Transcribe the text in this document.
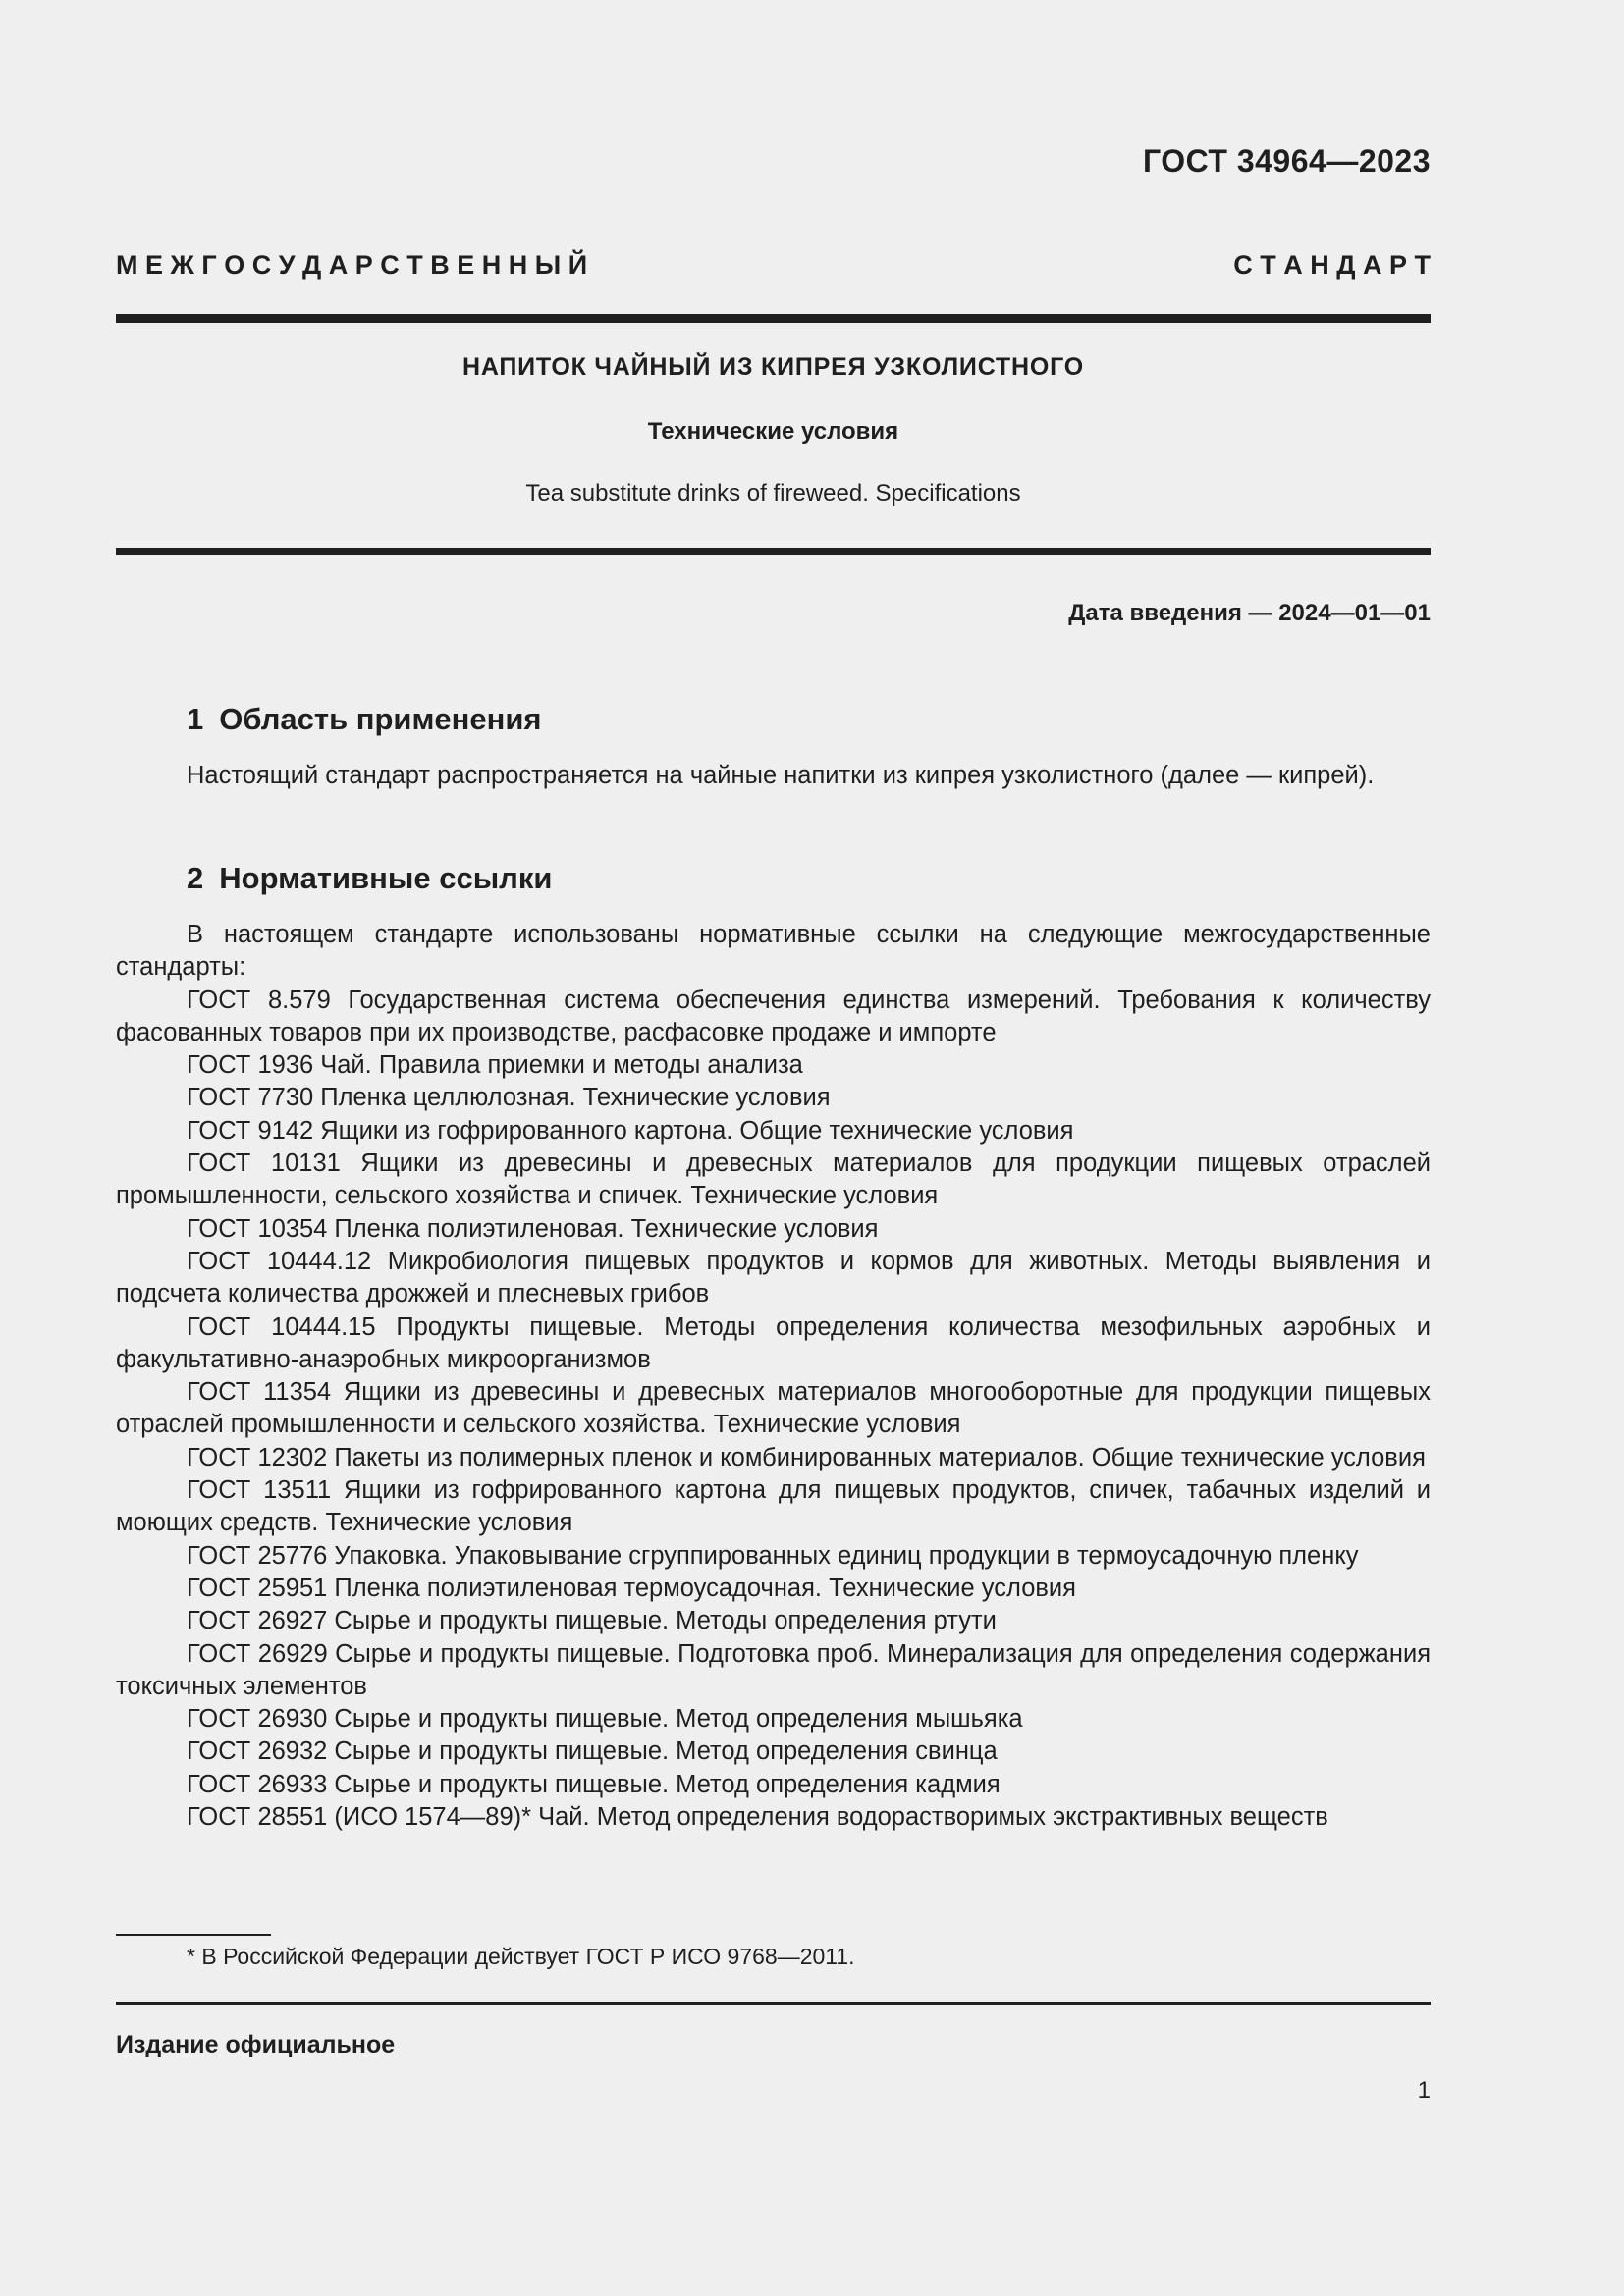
ГОСТ 34964—2023
М Е Ж Г О С У Д А Р С Т В Е Н Н Ы Й	С Т А Н Д А Р Т
НАПИТОК ЧАЙНЫЙ ИЗ КИПРЕЯ УЗКОЛИСТНОГО
Технические условия
Tea substitute drinks of fireweed. Specifications
Дата введения — 2024—01—01
1 Область применения

Настоящий стандарт распространяется на чайные напитки из кипрея узколистного (далее — кипрей).

2 Нормативные ссылки

В настоящем стандарте использованы нормативные ссылки на следующие межгосударственные стандарты:

ГОСТ 8.579 Государственная система обеспечения единства измерений. Требования к количеству фасованных товаров при их производстве, расфасовке продаже и импорте

ГОСТ 1936 Чай. Правила приемки и методы анализа

ГОСТ 7730 Пленка целлюлозная. Технические условия

ГОСТ 9142 Ящики из гофрированного картона. Общие технические условия

ГОСТ 10131 Ящики из древесины и древесных материалов для продукции пищевых отраслей промышленности, сельского хозяйства и спичек. Технические условия

ГОСТ 10354 Пленка полиэтиленовая. Технические условия

ГОСТ 10444.12 Микробиология пищевых продуктов и кормов для животных. Методы выявления и подсчета количества дрожжей и плесневых грибов

ГОСТ 10444.15 Продукты пищевые. Методы определения количества мезофильных аэробных и факультативно-анаэробных микроорганизмов

ГОСТ 11354 Ящики из древесины и древесных материалов многооборотные для продукции пищевых отраслей промышленности и сельского хозяйства. Технические условия

ГОСТ 12302 Пакеты из полимерных пленок и комбинированных материалов. Общие технические условия

ГОСТ 13511 Ящики из гофрированного картона для пищевых продуктов, спичек, табачных изделий и моющих средств. Технические условия

ГОСТ 25776 Упаковка. Упаковывание сгруппированных единиц продукции в термоусадочную пленку

ГОСТ 25951 Пленка полиэтиленовая термоусадочная. Технические условия

ГОСТ 26927 Сырье и продукты пищевые. Методы определения ртути

ГОСТ 26929 Сырье и продукты пищевые. Подготовка проб. Минерализация для определения содержания токсичных элементов

ГОСТ 26930 Сырье и продукты пищевые. Метод определения мышьяка

ГОСТ 26932 Сырье и продукты пищевые. Метод определения свинца

ГОСТ 26933 Сырье и продукты пищевые. Метод определения кадмия

ГОСТ 28551 (ИСО 1574—89)* Чай. Метод определения водорастворимых экстрактивных веществ

* В Российской Федерации действует ГОСТ Р ИСО 9768—2011.
Издание официальное
1
